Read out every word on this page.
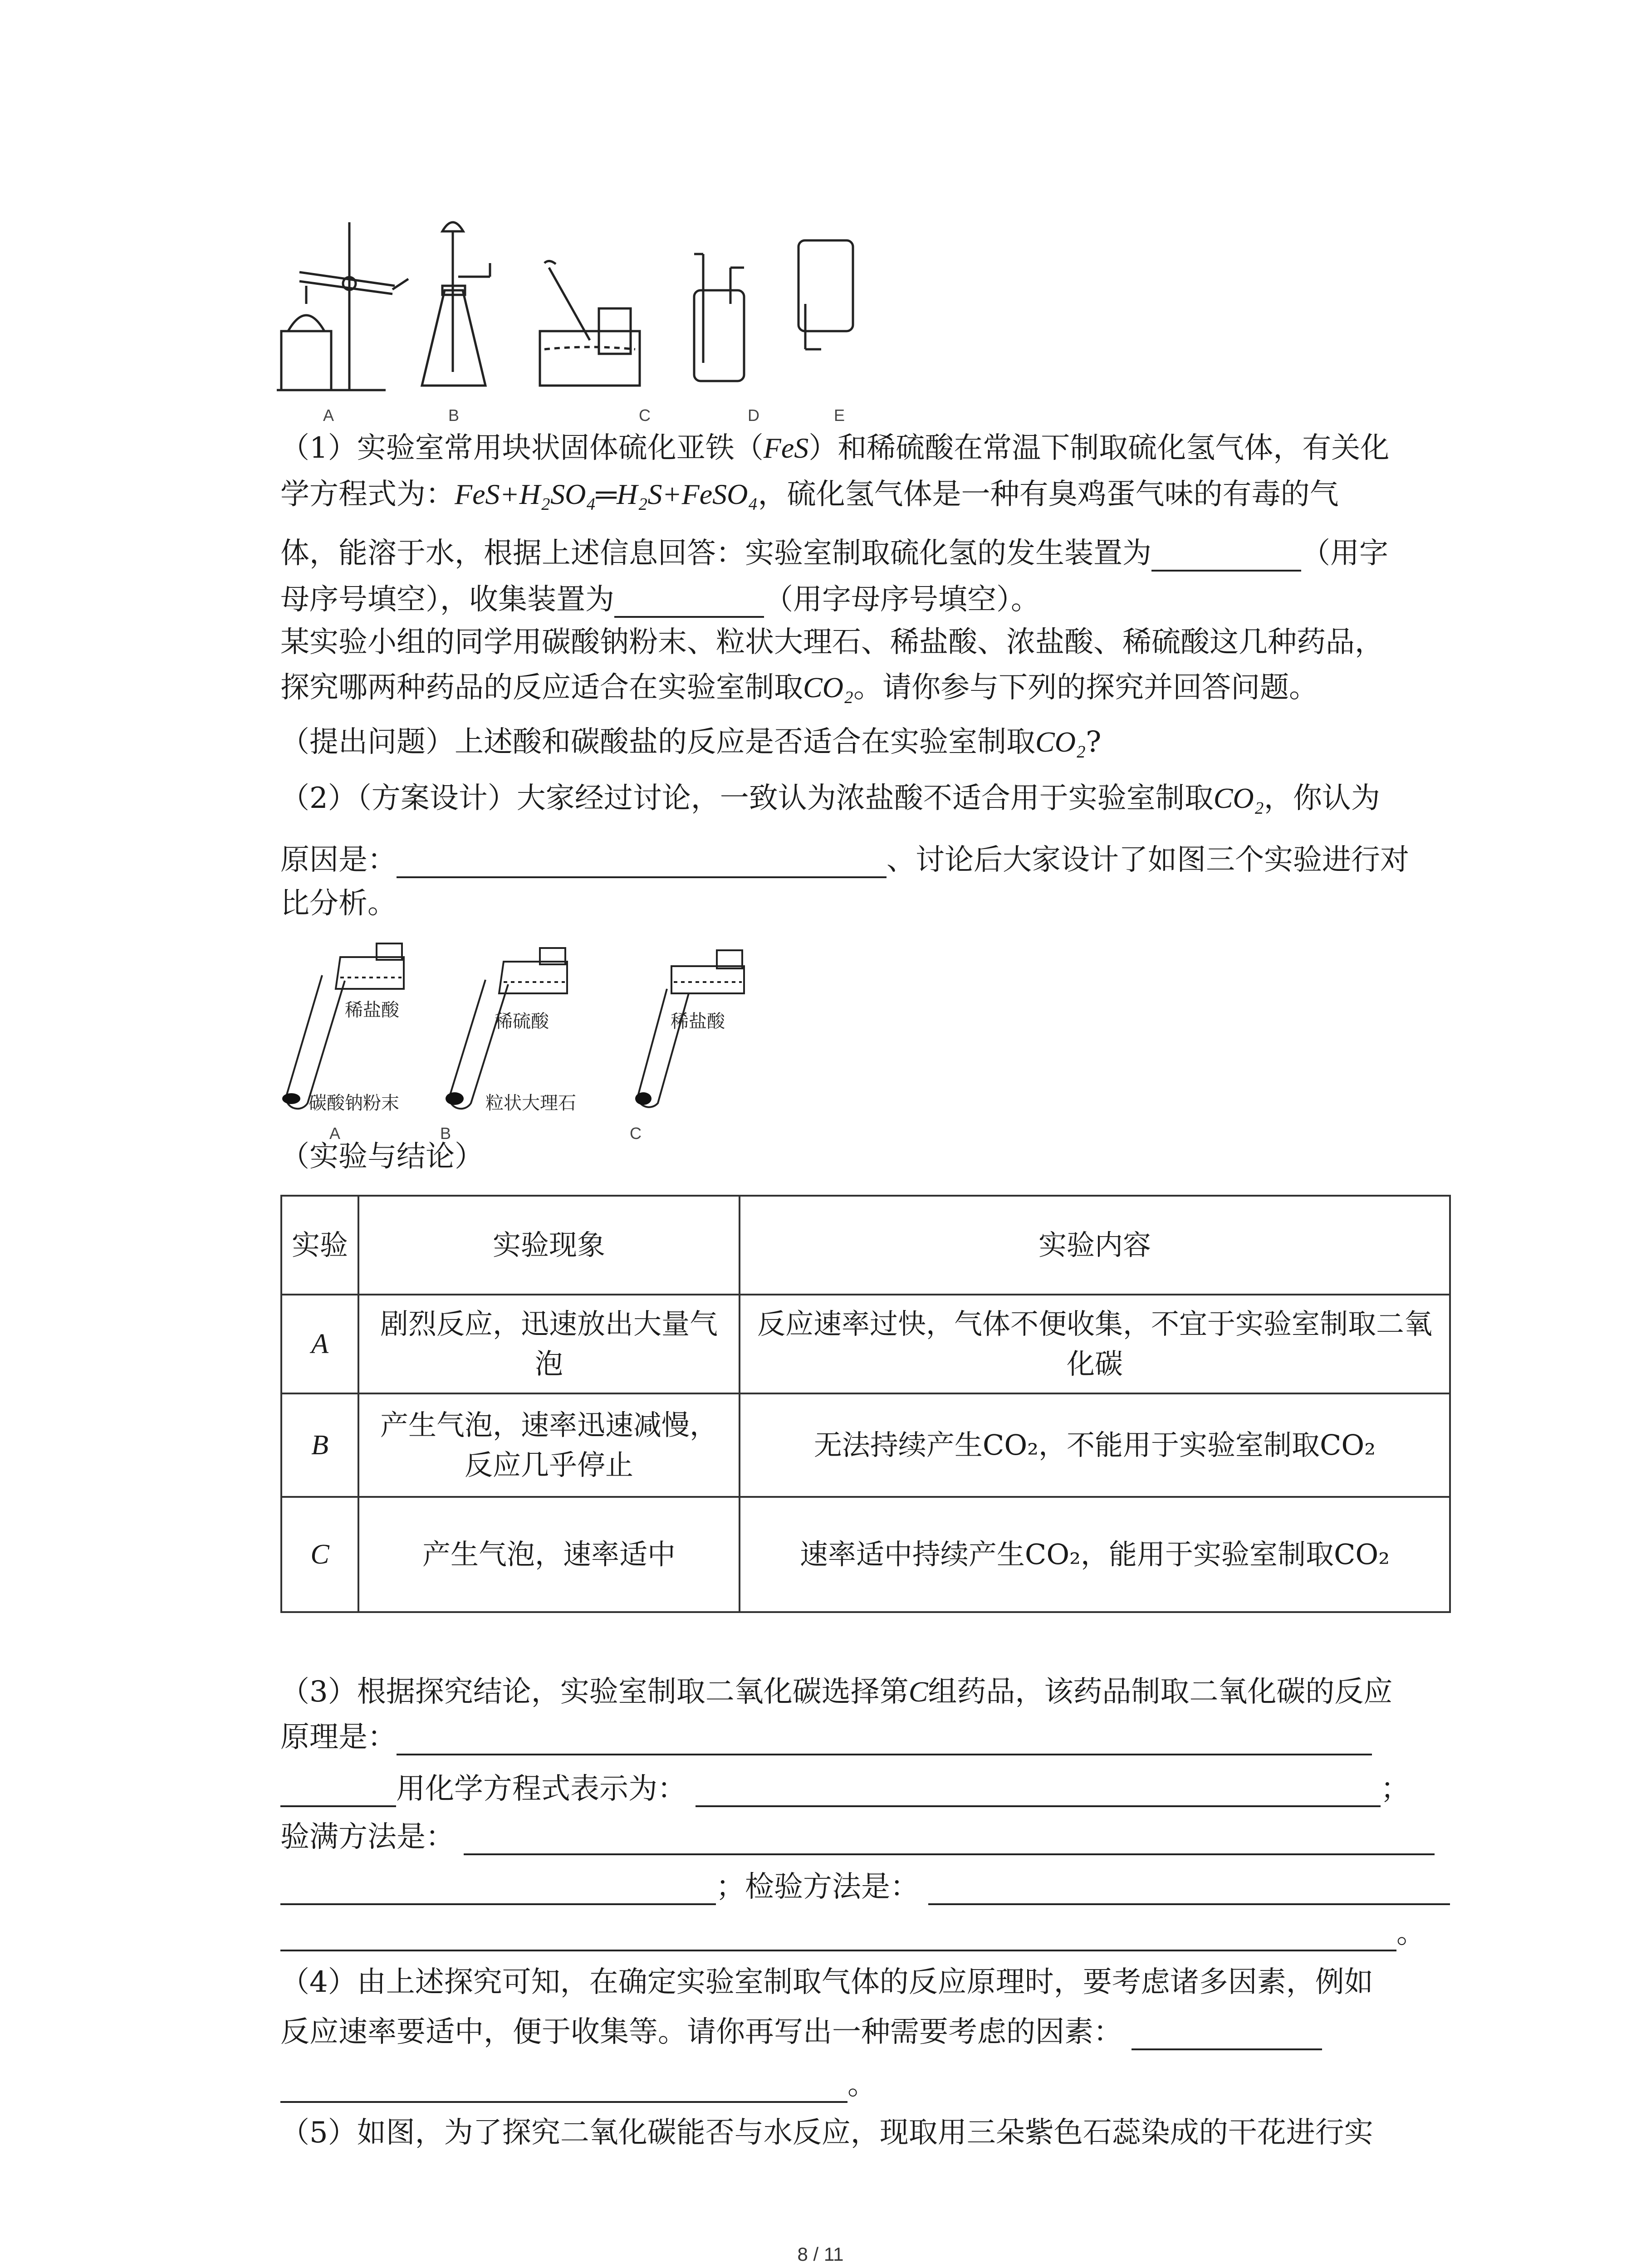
A	B	C	D	E
（1）实验室常用块状固体硫化亚铁（FeS）和稀硫酸在常温下制取硫化氢气体，有关化
学方程式为：FeS+H₂SO₄═H₂S+FeSO₄，硫化氢气体是一种有臭鸡蛋气味的有毒的气
体，能溶于水，根据上述信息回答：实验室制取硫化氢的发生装置为	（用字
母序号填空），收集装置为	（用字母序号填空）。
某实验小组的同学用碳酸钠粉末、粒状大理石、稀盐酸、浓盐酸、稀硫酸这几种药品，
探究哪两种药品的反应适合在实验室制取CO₂。请你参与下列的探究并回答问题。
（提出问题）上述酸和碳酸盐的反应是否适合在实验室制取CO₂?
（2）（方案设计）大家经过讨论，一致认为浓盐酸不适合用于实验室制取CO₂，你认为
原因是：	、讨论后大家设计了如图三个实验进行对
比分析。
稀盐酸
稀硫酸	稀盐酸
碳酸钠粉末	粒状大理石
A	B	C
（实验与结论）
实验	实验现象	实验内容
A	剧烈反应，迅速放出大量气泡	反应速率过快，气体不便收集，不宜于实验室制取二氧化碳
B	产生气泡，速率迅速减慢，反应几乎停止	无法持续产生CO₂，不能用于实验室制取CO₂
C	产生气泡，速率适中	速率适中持续产生CO₂，能用于实验室制取CO₂
（3）根据探究结论，实验室制取二氧化碳选择第C组药品，该药品制取二氧化碳的反应
原理是：
用化学方程式表示为：	；
验满方法是：
；检验方法是：
。
（4）由上述探究可知，在确定实验室制取气体的反应原理时，要考虑诸多因素，例如
反应速率要适中，便于收集等。请你再写出一种需要考虑的因素：
。
（5）如图，为了探究二氧化碳能否与水反应，现取用三朵紫色石蕊染成的干花进行实
8 / 11
